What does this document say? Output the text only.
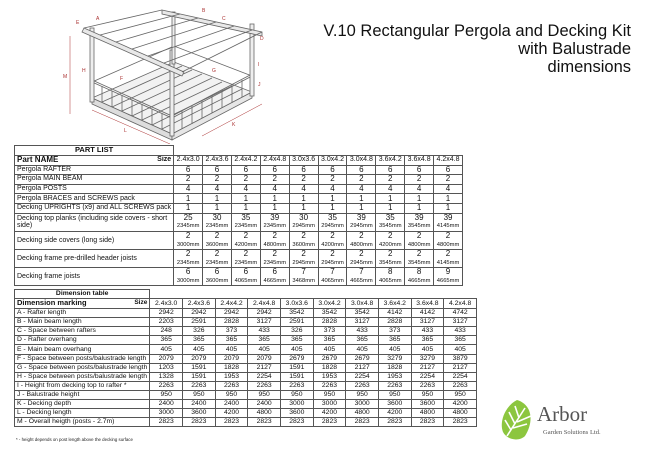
A
B
C
D
E
F
G
H
I
J
K
L
M
V.10 Rectangular Pergola and Decking Kit
with Balustrade
dimensions
PART LIST										
Part NAME Size	2.4x3.0	2.4x3.6	2.4x4.2	2.4x4.8	3.0x3.6	3.0x4.2	3.0x4.8	3.6x4.2	3.6x4.8	4.2x4.8
Pergola RAFTER	6	6	6	6	6	6	6	6	6	6
Pergola MAIN BEAM	2	2	2	2	2	2	2	2	2	2
Pergola POSTS	4	4	4	4	4	4	4	4	4	4
Pergola BRACES and SCREWS pack	1	1	1	1	1	1	1	1	1	1
Decking UPRIGHTS (x9) and ALL SCREWS pack	1	1	1	1	1	1	1	1	1	1
Decking top planks (including side covers - short side)	25	30	35	39	30	35	39	35	39	39
	2345mm	2345mm	2345mm	2345mm	2945mm	2945mm	2945mm	3545mm	3545mm	4145mm
Decking side covers (long side)	2	2	2	2	2	2	2	2	2	2
	3000mm	3600mm	4200mm	4800mm	3600mm	4200mm	4800mm	4200mm	4800mm	4800mm
Decking frame pre-drilled header joists	2	2	2	2	2	2	2	2	2	2
	2345mm	2345mm	2345mm	2345mm	2945mm	2945mm	2945mm	3545mm	3545mm	4145mm
Decking frame joists	6	6	6	6	7	7	7	8	8	9
	3000mm	3600mm	4065mm	4665mm	3468mm	4065mm	4665mm	4065mm	4665mm	4665mm
Dimension table										
Dimension marking Size	2.4x3.0	2.4x3.6	2.4x4.2	2.4x4.8	3.0x3.6	3.0x4.2	3.0x4.8	3.6x4.2	3.6x4.8	4.2x4.8
A - Rafter length	2942	2942	2942	2942	3542	3542	3542	4142	4142	4742
B - Main beam length	2203	2591	2828	3127	2591	2828	3127	2828	3127	3127
C - Space between rafters	248	326	373	433	326	373	433	373	433	433
D - Rafter overhang	365	365	365	365	365	365	365	365	365	365
E - Main beam overhang	405	405	405	405	405	405	405	405	405	405
F - Space between posts/balustrade length	2079	2079	2079	2079	2679	2679	2679	3279	3279	3879
G - Space between posts/balustrade length	1203	1591	1828	2127	1591	1828	2127	1828	2127	2127
H - Space between posts/balustrade length	1328	1591	1953	2254	1591	1953	2254	1953	2254	2254
I - Height from decking top to rafter *	2263	2263	2263	2263	2263	2263	2263	2263	2263	2263
J - Balustrade height	950	950	950	950	950	950	950	950	950	950
K - Decking depth	2400	2400	2400	2400	3000	3000	3000	3600	3600	4200
L - Decking length	3000	3600	4200	4800	3600	4200	4800	4200	4800	4800
M - Overall heigth (posts - 2.7m)	2823	2823	2823	2823	2823	2823	2823	2823	2823	2823
* - height depends on post length above the decking surface
Arbor
Garden Solutions Ltd.
